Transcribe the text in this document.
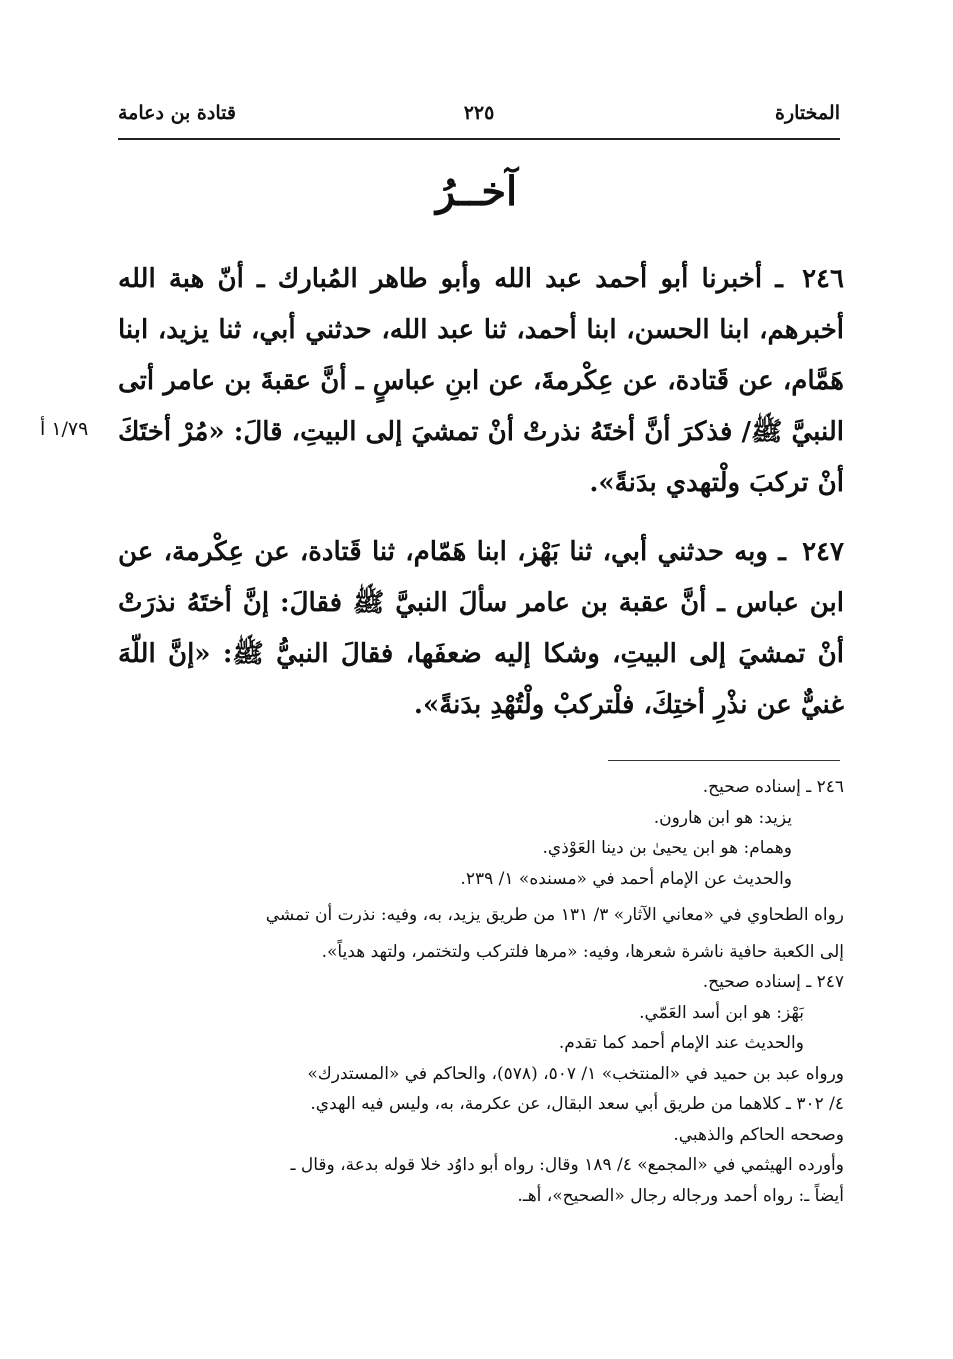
المختارة
٢٢٥
قتادة بن دعامة
آخــرُ
١/٧٩ أ
٢٤٦ ـ أخبرنا أبو أحمد عبد الله وأبو طاهر المُبارك ـ أنّ هبة الله أخبرهم، ابنا الحسن، ابنا أحمد، ثنا عبد الله، حدثني أبي، ثنا يزيد، ابنا هَمَّام، عن قَتادة، عن عِكْرمةَ، عن ابنِ عباسٍ ـ أنَّ عقبةَ بن عامر أتى النبيَّ ﷺ/ فذكرَ أنَّ أختَهُ نذرتْ أنْ تمشيَ إلى البيتِ، قالَ: «مُرْ أختَكَ أنْ تركبَ ولْتهدي بدَنةً».
٢٤٧ ـ وبه حدثني أبي، ثنا بَهْز، ابنا هَمّام، ثنا قَتادة، عن عِكْرمة، عن ابن عباس ـ أنَّ عقبة بن عامر سألَ النبيَّ ﷺ فقالَ: إنَّ أختَهُ نذرَتْ أنْ تمشيَ إلى البيتِ، وشكا إليه ضعفَها، فقالَ النبيُّ ﷺ: «إنَّ اللّهَ غنيٌّ عن نذْرِ أختِكَ، فلْتركبْ ولْتُهْدِ بدَنةً».

٢٤٦ ـ إسناده صحيح.

يزيد: هو ابن هارون.

وهمام: هو ابن يحيىٰ بن دينا العَوْذي.

والحديث عن الإمام أحمد في «مسنده» ١/ ٢٣٩.

رواه الطحاوي في «معاني الآثار» ٣/ ١٣١ من طريق يزيد، به، وفيه: نذرت أن تمشي

إلى الكعبة حافية ناشرة شعرها، وفيه: «مرها فلتركب ولتختمر، ولتهد هدياً».

٢٤٧ ـ إسناده صحيح.

بَهْز: هو ابن أسد العَمّي.

والحديث عند الإمام أحمد كما تقدم.

ورواه عبد بن حميد في «المنتخب» ١/ ٥٠٧، (٥٧٨)، والحاكم في «المستدرك»

٤/ ٣٠٢ ـ كلاهما من طريق أبي سعد البقال، عن عكرمة، به، وليس فيه الهدي.

وصححه الحاكم والذهبي.

وأورده الهيثمي في «المجمع» ٤/ ١٨٩ وقال: رواه أبو داوُد خلا قوله بدعة، وقال ـ

أيضاً ـ: رواه أحمد ورجاله رجال «الصحيح»، أهـ.
